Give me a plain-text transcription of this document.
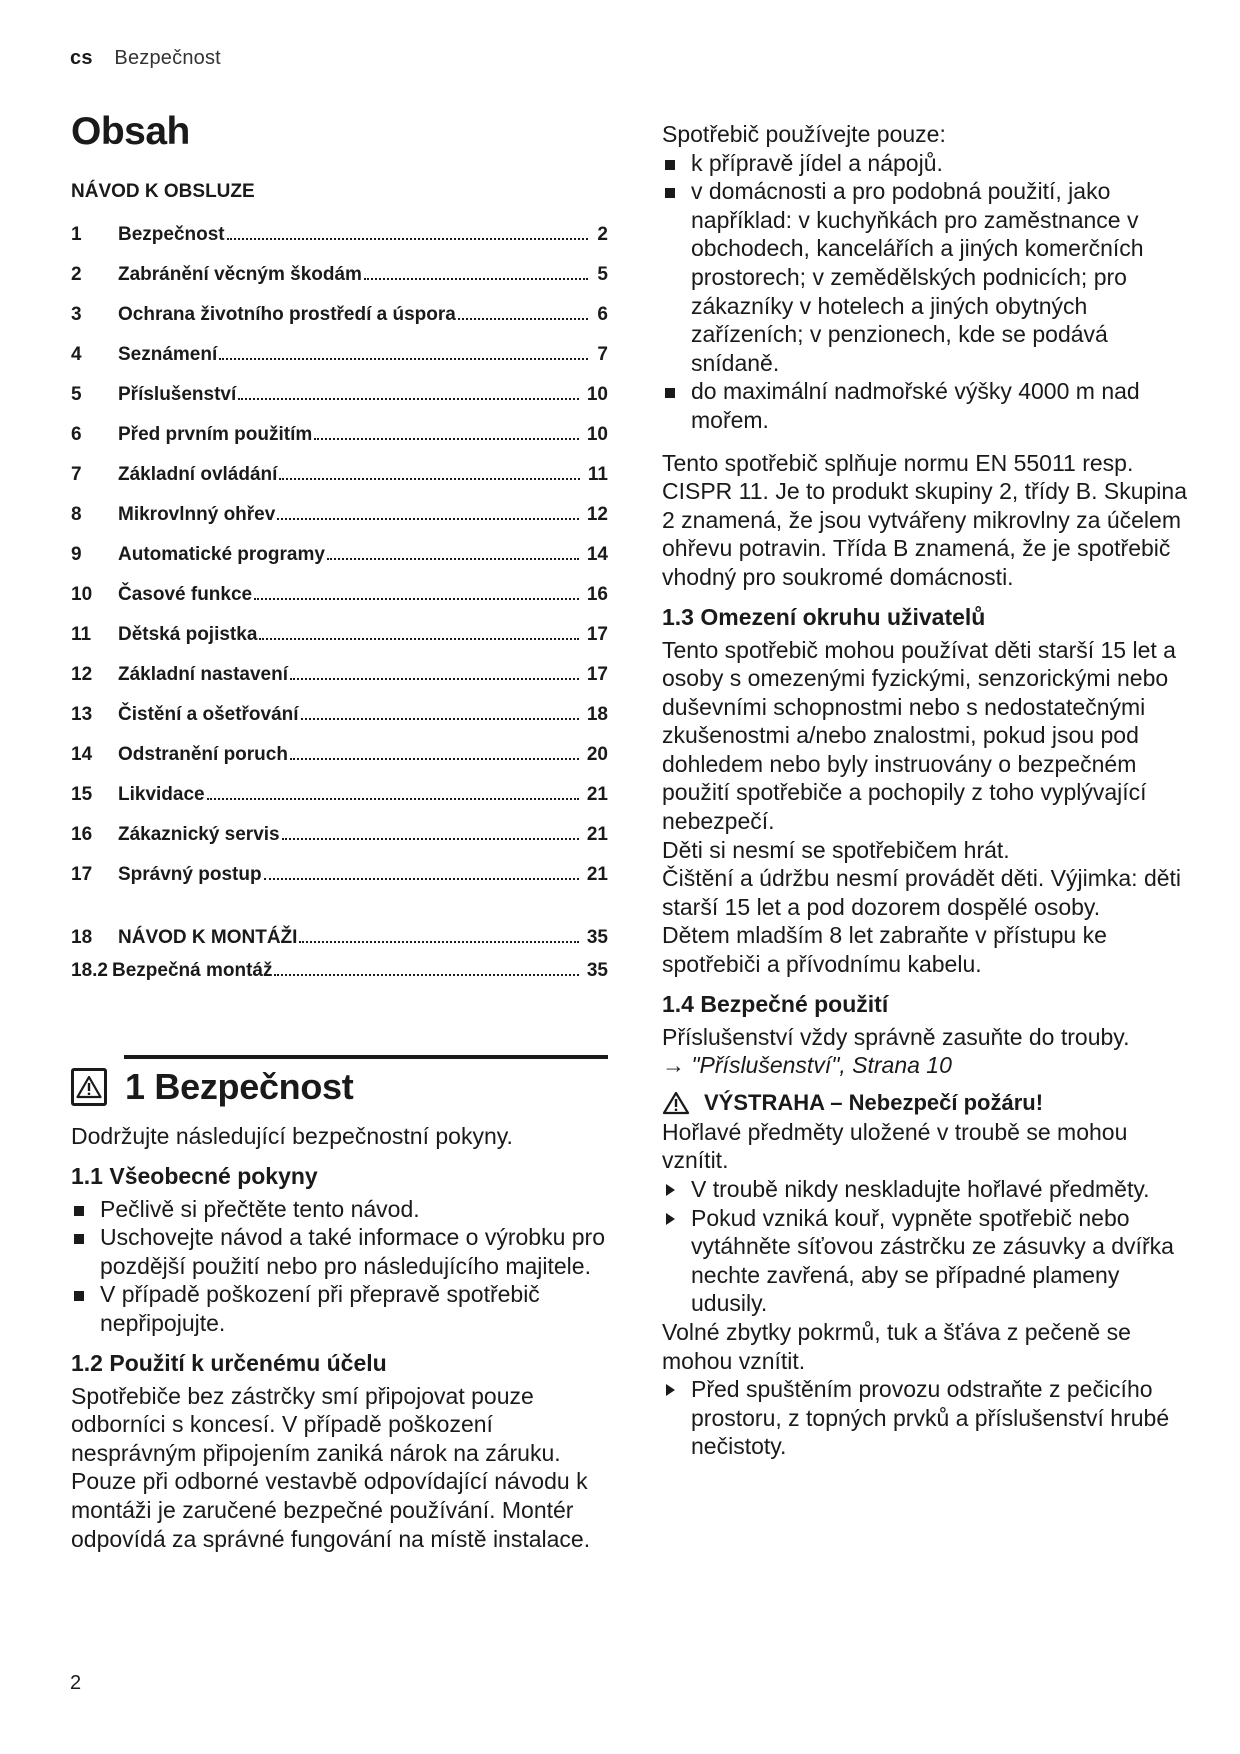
cs Bezpečnost
Obsah
NÁVOD K OBSLUZE
1	Bezpečnost	2
2	Zabránění věcným škodám	5
3	Ochrana životního prostředí a úspora	6
4	Seznámení	7
5	Příslušenství	10
6	Před prvním použitím	10
7	Základní ovládání	11
8	Mikrovlnný ohřev	12
9	Automatické programy	14
10	Časové funkce	16
11	Dětská pojistka	17
12	Základní nastavení	17
13	Čistění a ošetřování	18
14	Odstranění poruch	20
15	Likvidace	21
16	Zákaznický servis	21
17	Správný postup	21
18	NÁVOD K MONTÁŽI	35
18.2 Bezpečná montáž	35
1 Bezpečnost

Dodržujte následující bezpečnostní pokyny.

1.1 Všeobecné pokyny
Pečlivě si přečtěte tento návod.
Uschovejte návod a také informace o výrobku pro pozdější použití nebo pro následujícího majitele.
V případě poškození při přepravě spotřebič nepřipojujte.
1.2 Použití k určenému účelu

Spotřebiče bez zástrčky smí připojovat pouze odborníci s koncesí. V případě poškození nesprávným připojením zaniká nárok na záruku. Pouze při odborné vestavbě odpovídající návodu k montáži je zaručené bezpečné používání. Montér odpovídá za správné fungování na místě instalace.

Spotřebič používejte pouze:

k přípravě jídel a nápojů.
v domácnosti a pro podobná použití, jako například: v kuchyňkách pro zaměstnance v obchodech, kancelářích a jiných komerčních prostorech; v zemědělských podnicích; pro zákazníky v hotelech a jiných obytných zařízeních; v penzionech, kde se podává snídaně.
do maximální nadmořské výšky 4000 m nad mořem.

Tento spotřebič splňuje normu EN 55011 resp. CISPR 11. Je to produkt skupiny 2, třídy B. Skupina 2 znamená, že jsou vytvářeny mikrovlny za účelem ohřevu potravin. Třída B znamená, že je spotřebič vhodný pro soukromé domácnosti.

1.3 Omezení okruhu uživatelů

Tento spotřebič mohou používat děti starší 15 let a osoby s omezenými fyzickými, senzorickými nebo duševními schopnostmi nebo s nedostatečnými zkušenostmi a/nebo znalostmi, pokud jsou pod dohledem nebo byly instruovány o bezpečném použití spotřebiče a pochopily z toho vyplývající nebezpečí.

Děti si nesmí se spotřebičem hrát.

Čištění a údržbu nesmí provádět děti. Výjimka: děti starší 15 let a pod dozorem dospělé osoby.

Dětem mladším 8 let zabraňte v přístupu ke spotřebiči a přívodnímu kabelu.

1.4 Bezpečné použití

Příslušenství vždy správně zasuňte do trouby.

→ "Příslušenství", Strana 10
VÝSTRAHA – Nebezpečí požáru!

Hořlavé předměty uložené v troubě se mohou vznítit.

V troubě nikdy neskladujte hořlavé předměty.
Pokud vzniká kouř, vypněte spotřebič nebo vytáhněte síťovou zástrčku ze zásuvky a dvířka nechte zavřená, aby se případné plameny udusily.

Volné zbytky pokrmů, tuk a šťáva z pečeně se mohou vznítit.

Před spuštěním provozu odstraňte z pečicího prostoru, z topných prvků a příslušenství hrubé nečistoty.
2
